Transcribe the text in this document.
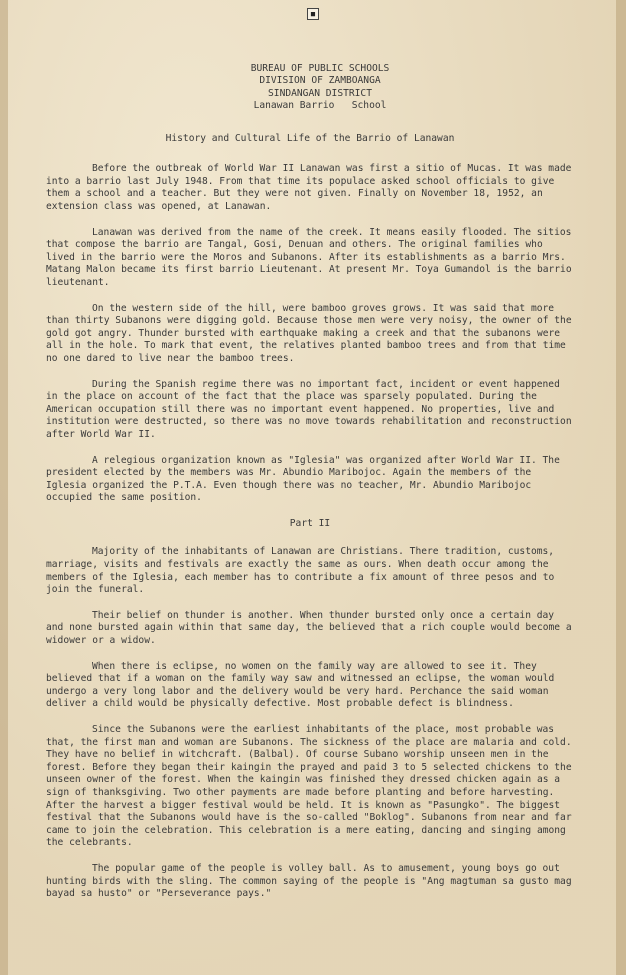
■
BUREAU OF PUBLIC SCHOOLS
DIVISION OF ZAMBOANGA
SINDANGAN DISTRICT
Lanawan Barrio   School
History and Cultural Life of the Barrio of Lanawan

Before the outbreak of World War II Lanawan was first a sitio of Mucas. It was made into a barrio last July 1948. From that time its populace asked school officials to give them a school and a teacher. But they were not given. Finally on November 18, 1952, an extension class was opened, at Lanawan.

Lanawan was derived from the name of the creek. It means easily flooded. The sitios that compose the barrio are Tangal, Gosi, Denuan and others. The original families who lived in the barrio were the Moros and Subanons. After its establishments as a barrio Mrs. Matang Malon became its first barrio Lieutenant. At present Mr. Toya Gumandol is the barrio lieutenant.

On the western side of the hill, were bamboo groves grows. It was said that more than thirty Subanons were digging gold. Because those men were very noisy, the owner of the gold got angry. Thunder bursted with earthquake making a creek and that the subanons were all in the hole. To mark that event, the relatives planted bamboo trees and from that time no one dared to live near the bamboo trees.

During the Spanish regime there was no important fact, incident or event happened in the place on account of the fact that the place was sparsely populated. During the American occupation still there was no important event happened. No properties, live and institution were destructed, so there was no move towards rehabilitation and reconstruction after World War II.

A relegious organization known as "Iglesia" was organized after World War II. The president elected by the members was Mr. Abundio Maribojoc. Again the members of the Iglesia organized the P.T.A. Even though there was no teacher, Mr. Abundio Maribojoc occupied the same position.

Part II

Majority of the inhabitants of Lanawan are Christians. There tradition, customs, marriage, visits and festivals are exactly the same as ours. When death occur among the members of the Iglesia, each member has to contribute a fix amount of three pesos and to join the funeral.

Their belief on thunder is another. When thunder bursted only once a certain day and none bursted again within that same day, the believed that a rich couple would become a widower or a widow.

When there is eclipse, no women on the family way are allowed to see it. They believed that if a woman on the family way saw and witnessed an eclipse, the woman would undergo a very long labor and the delivery would be very hard. Perchance the said woman deliver a child would be physically defective. Most probable defect is blindness.

Since the Subanons were the earliest inhabitants of the place, most probable was that, the first man and woman are Subanons. The sickness of the place are malaria and cold. They have no belief in witchcraft. (Balbal). Of course Subano worship unseen men in the forest. Before they began their kaingin the prayed and paid 3 to 5 selected chickens to the unseen owner of the forest. When the kaingin was finished they dressed chicken again as a sign of thanksgiving. Two other payments are made before planting and before harvesting. After the harvest a bigger festival would be held. It is known as "Pasungko". The biggest festival that the Subanons would have is the so-called "Boklog". Subanons from near and far came to join the celebration. This celebration is a mere eating, dancing and singing among the celebrants.

The popular game of the people is volley ball. As to amusement, young boys go out hunting birds with the sling. The common saying of the people is "Ang magtuman sa gusto mag bayad sa husto" or "Perseverance pays."
